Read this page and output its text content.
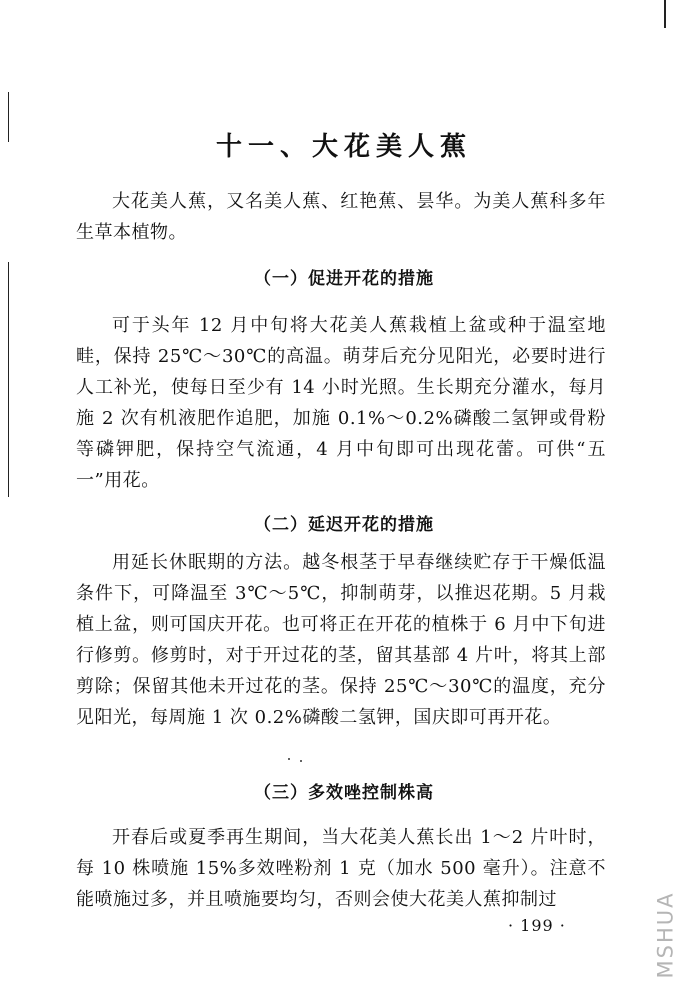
十一、大花美人蕉

大花美人蕉，又名美人蕉、红艳蕉、昙华。为美人蕉科多年生草本植物。

（一）促进开花的措施

可于头年 12 月中旬将大花美人蕉栽植上盆或种于温室地畦，保持 25℃～30℃的高温。萌芽后充分见阳光，必要时进行人工补光，使每日至少有 14 小时光照。生长期充分灌水，每月施 2 次有机液肥作追肥，加施 0.1%～0.2%磷酸二氢钾或骨粉等磷钾肥，保持空气流通，4 月中旬即可出现花蕾。可供“五一”用花。

（二）延迟开花的措施

用延长休眠期的方法。越冬根茎于早春继续贮存于干燥低温条件下，可降温至 3℃～5℃，抑制萌芽，以推迟花期。5 月栽植上盆，则可国庆开花。也可将正在开花的植株于 6 月中下旬进行修剪。修剪时，对于开过花的茎，留其基部 4 片叶，将其上部剪除；保留其他未开过花的茎。保持 25℃～30℃的温度，充分见阳光，每周施 1 次 0.2%磷酸二氢钾，国庆即可再开花。

（三）多效唑控制株高

开春后或夏季再生期间，当大花美人蕉长出 1～2 片叶时，每 10 株喷施 15%多效唑粉剂 1 克（加水 500 毫升）。注意不能喷施过多，并且喷施要均匀，否则会使大花美人蕉抑制过

· 199 ·	MSHUA
